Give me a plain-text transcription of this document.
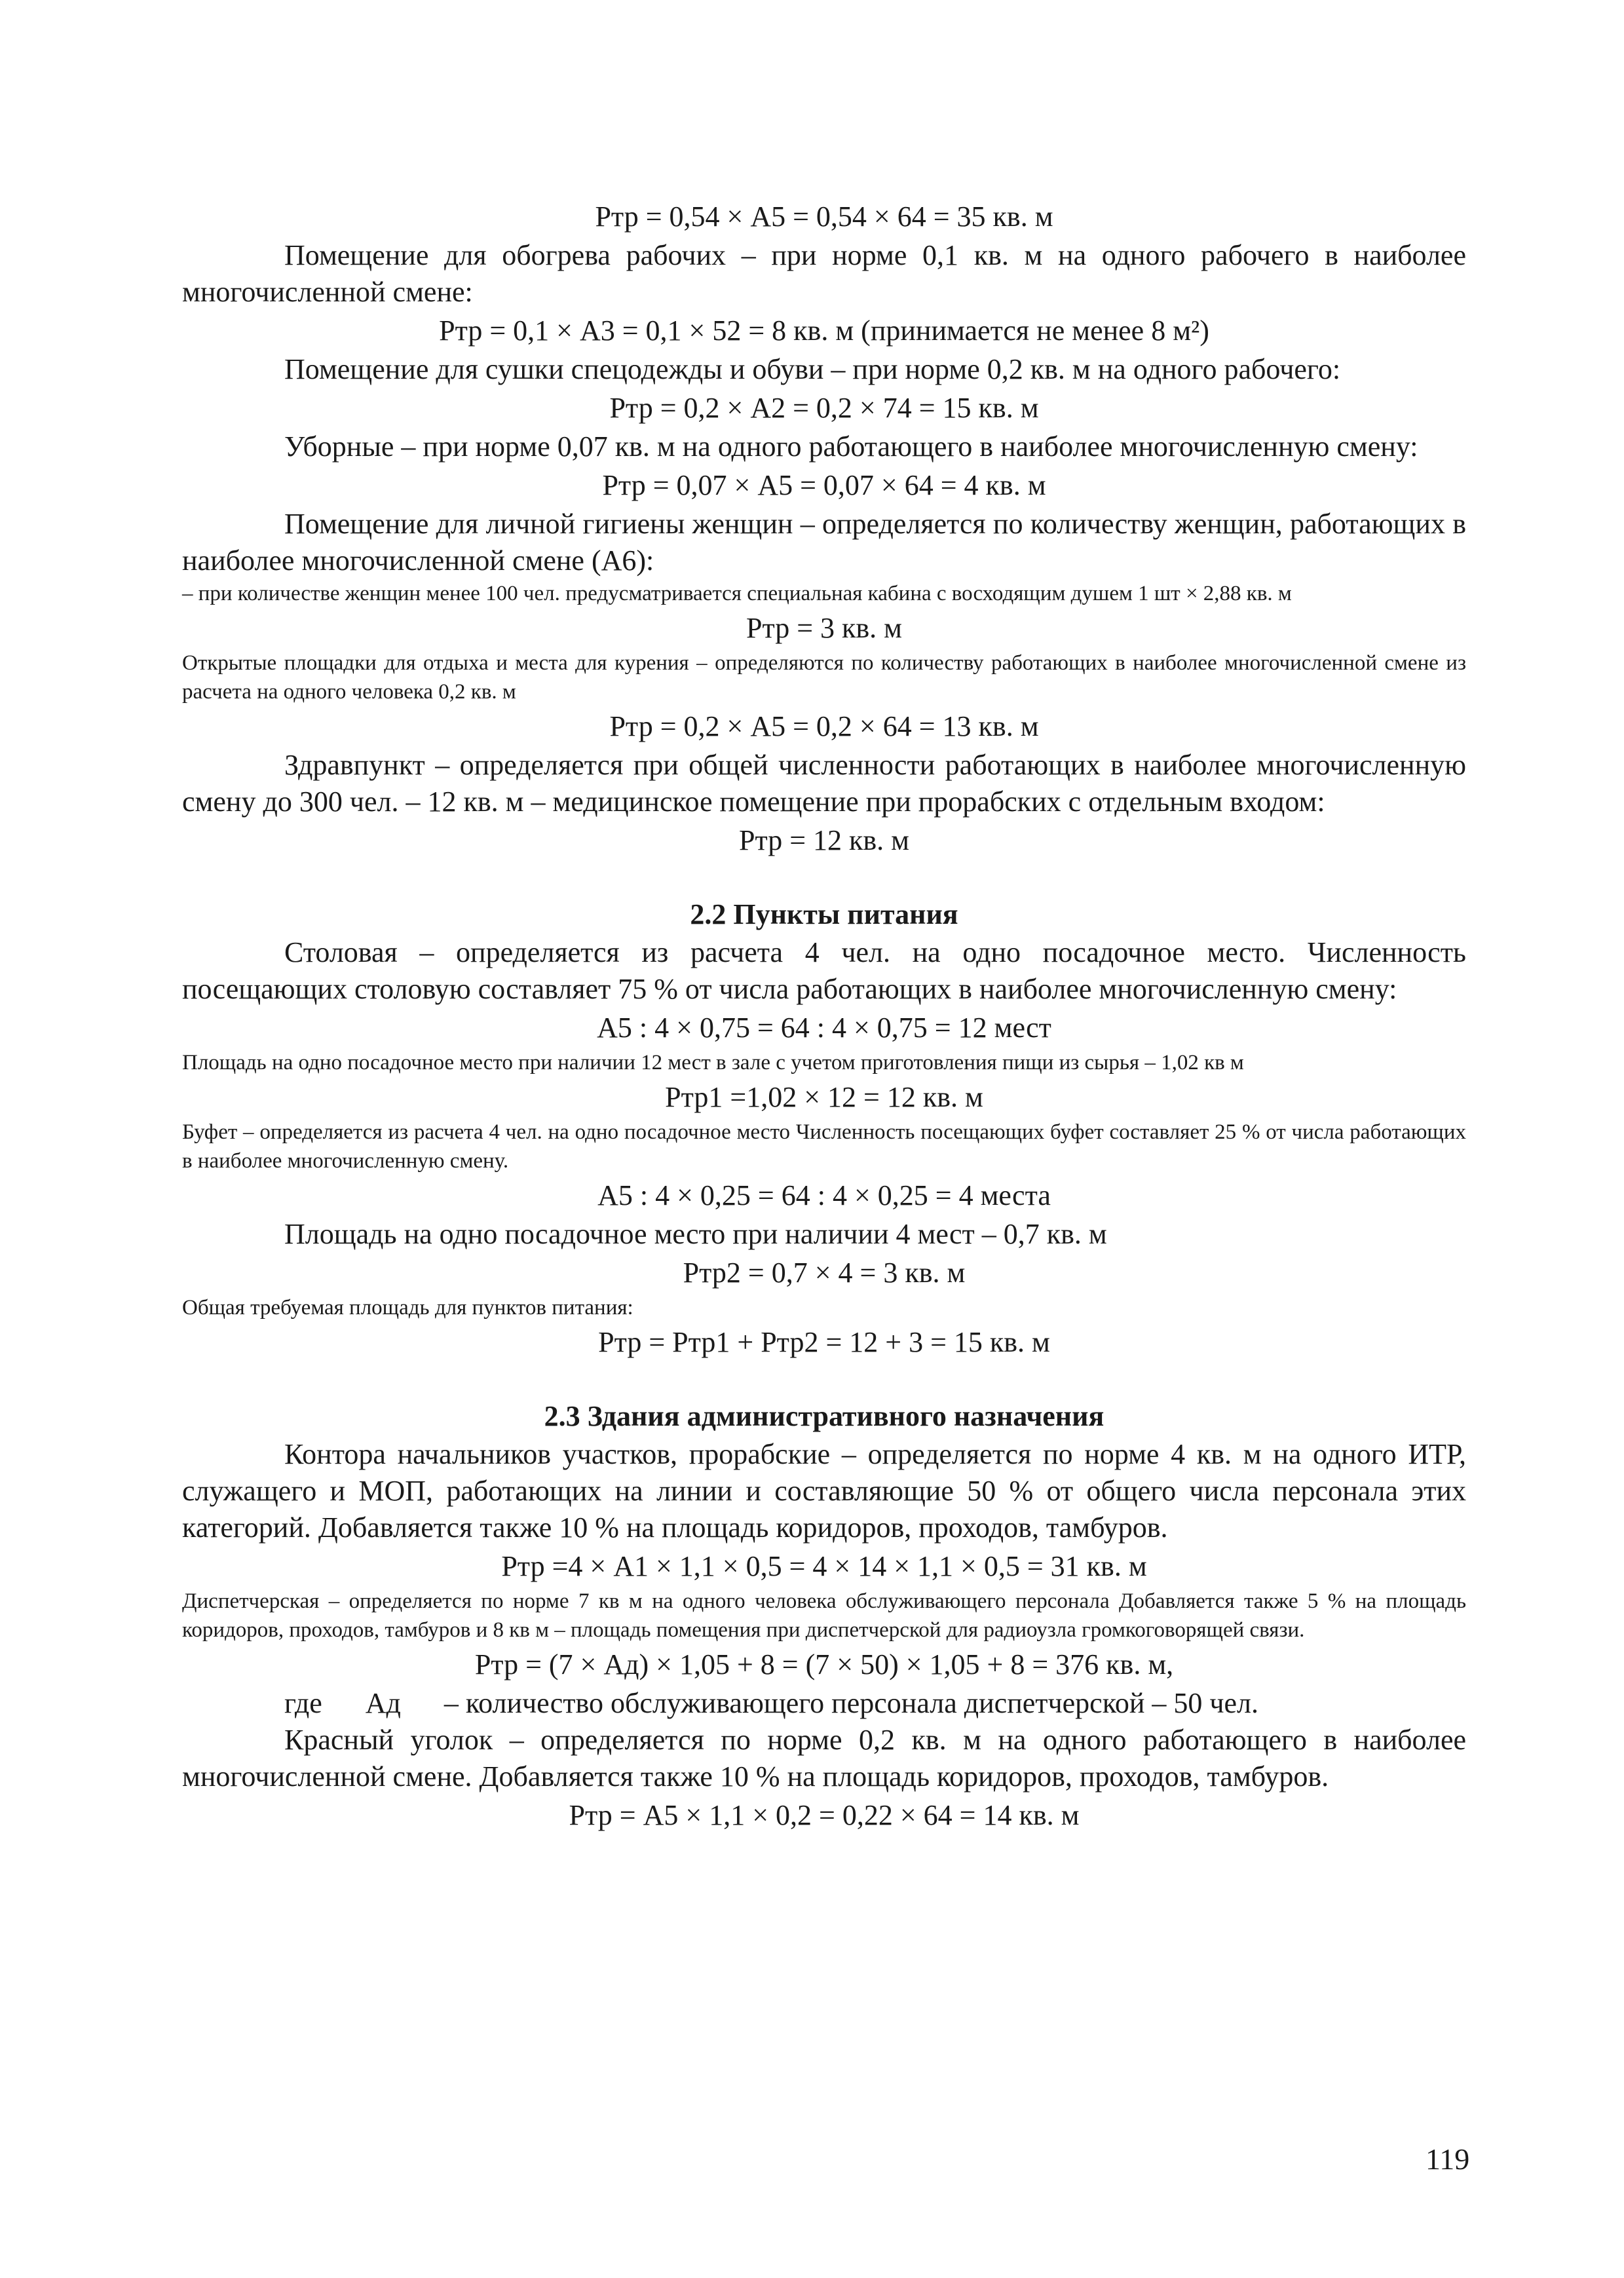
Pтр = 0,54 × А5 = 0,54 × 64 = 35 кв. м

Помещение для обогрева рабочих – при норме 0,1 кв. м на одного рабочего в наиболее многочисленной смене:

Pтр = 0,1 × А3 = 0,1 × 52 = 8 кв. м (принимается не менее 8 м²)

Помещение для сушки спецодежды и обуви – при норме 0,2 кв. м на одного рабочего:

Pтр = 0,2 × А2 = 0,2 × 74 = 15 кв. м

Уборные – при норме 0,07 кв. м на одного работающего в наиболее многочисленную смену:

Pтр = 0,07 × А5 = 0,07 × 64 = 4 кв. м

Помещение для личной гигиены женщин – определяется по количеству женщин, работающих в наиболее многочисленной смене (А6):

– при количестве женщин менее 100 чел. предусматривается специальная кабина с восходящим душем 1 шт × 2,88 кв. м

Pтр = 3 кв. м

Открытые площадки для отдыха и места для курения – определяются по количеству работающих в наиболее многочисленной смене из расчета на одного человека 0,2 кв. м

Pтр = 0,2 × А5 = 0,2 × 64 = 13 кв. м

Здравпункт – определяется при общей численности работающих в наиболее многочисленную смену до 300 чел. – 12 кв. м – медицинское помещение при прорабских с отдельным входом:

Pтр = 12 кв. м

2.2 Пункты питания

Столовая – определяется из расчета 4 чел. на одно посадочное место. Численность посещающих столовую составляет 75 % от числа работающих в наиболее многочисленную смену:

А5 : 4 × 0,75 = 64 : 4 × 0,75 = 12 мест

Площадь на одно посадочное место при наличии 12 мест в зале с учетом приготовления пищи из сырья – 1,02 кв м

Pтр1 =1,02 × 12 = 12 кв. м

Буфет – определяется из расчета 4 чел. на одно посадочное место Численность посещающих буфет составляет 25 % от числа работающих в наиболее многочисленную смену.

А5 : 4 × 0,25 = 64 : 4 × 0,25 = 4 места

Площадь на одно посадочное место при наличии 4 мест – 0,7 кв. м

Pтр2 = 0,7 × 4 = 3 кв. м

Общая требуемая площадь для пунктов питания:

Pтр = Pтр1 + Pтр2 = 12 + 3 = 15 кв. м

2.3 Здания административного назначения

Контора начальников участков, прорабские – определяется по норме 4 кв. м на одного ИТР, служащего и МОП, работающих на линии и составляющие 50 % от общего числа персонала этих категорий. Добавляется также 10 % на площадь коридоров, проходов, тамбуров.

Pтр =4 × А1 × 1,1 × 0,5 = 4 × 14 × 1,1 × 0,5 = 31 кв. м

Диспетчерская – определяется по норме 7 кв м на одного человека обслуживающего персонала Добавляется также 5 % на площадь коридоров, проходов, тамбуров и 8 кв м – площадь помещения при диспетчерской для радиоузла громкоговорящей связи.

Pтр = (7 × Ад) × 1,05 + 8 = (7 × 50) × 1,05 + 8 = 376 кв. м,

где      Ад      – количество обслуживающего персонала диспетчерской – 50 чел.

Красный уголок – определяется по норме 0,2 кв. м на одного работающего в наиболее многочисленной смене. Добавляется также 10 % на площадь коридоров, проходов, тамбуров.

Pтр = А5 × 1,1 × 0,2 = 0,22 × 64 = 14 кв. м

119
